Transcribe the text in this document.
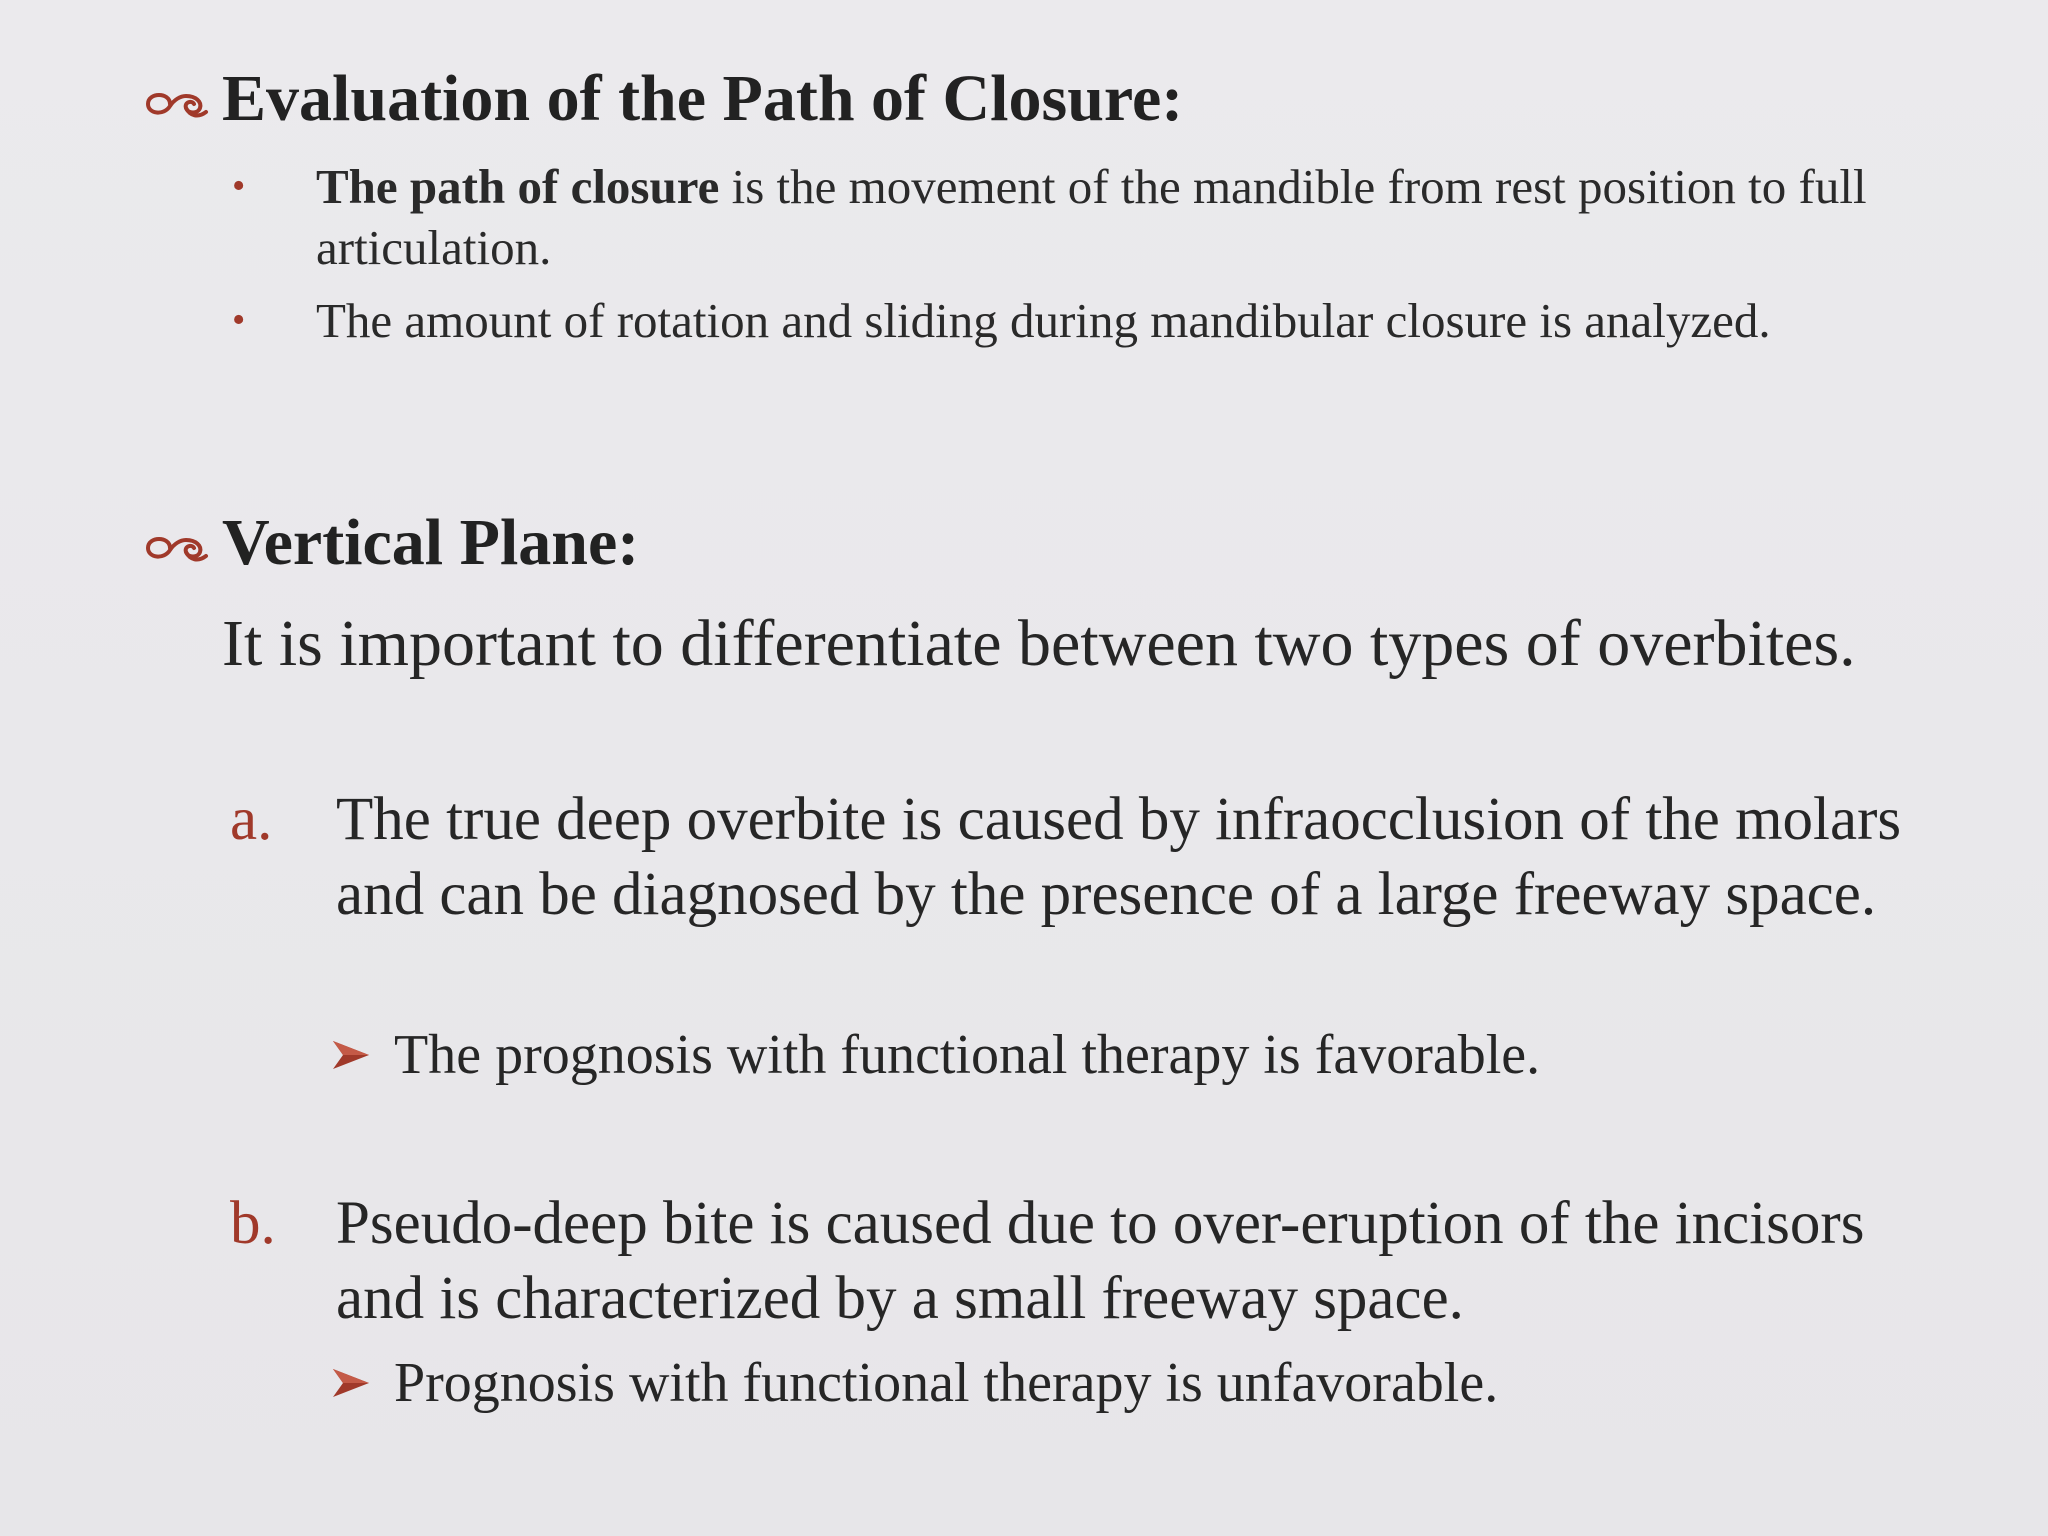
Evaluation of the Path of Closure:
•	The path of closure is the movement of the mandible from rest position to full articulation.
•	The amount of rotation and sliding during mandibular closure is analyzed.
Vertical Plane:
It is important to differentiate between two types of overbites.
a.	The true deep overbite is caused by infraocclusion of the molars and can be diagnosed by the presence of a large freeway space.
The prognosis with functional therapy is favorable.
b. Pseudo-deep bite is caused due to over-eruption of the incisors and is characterized by a small freeway space.
Prognosis with functional therapy is unfavorable.
